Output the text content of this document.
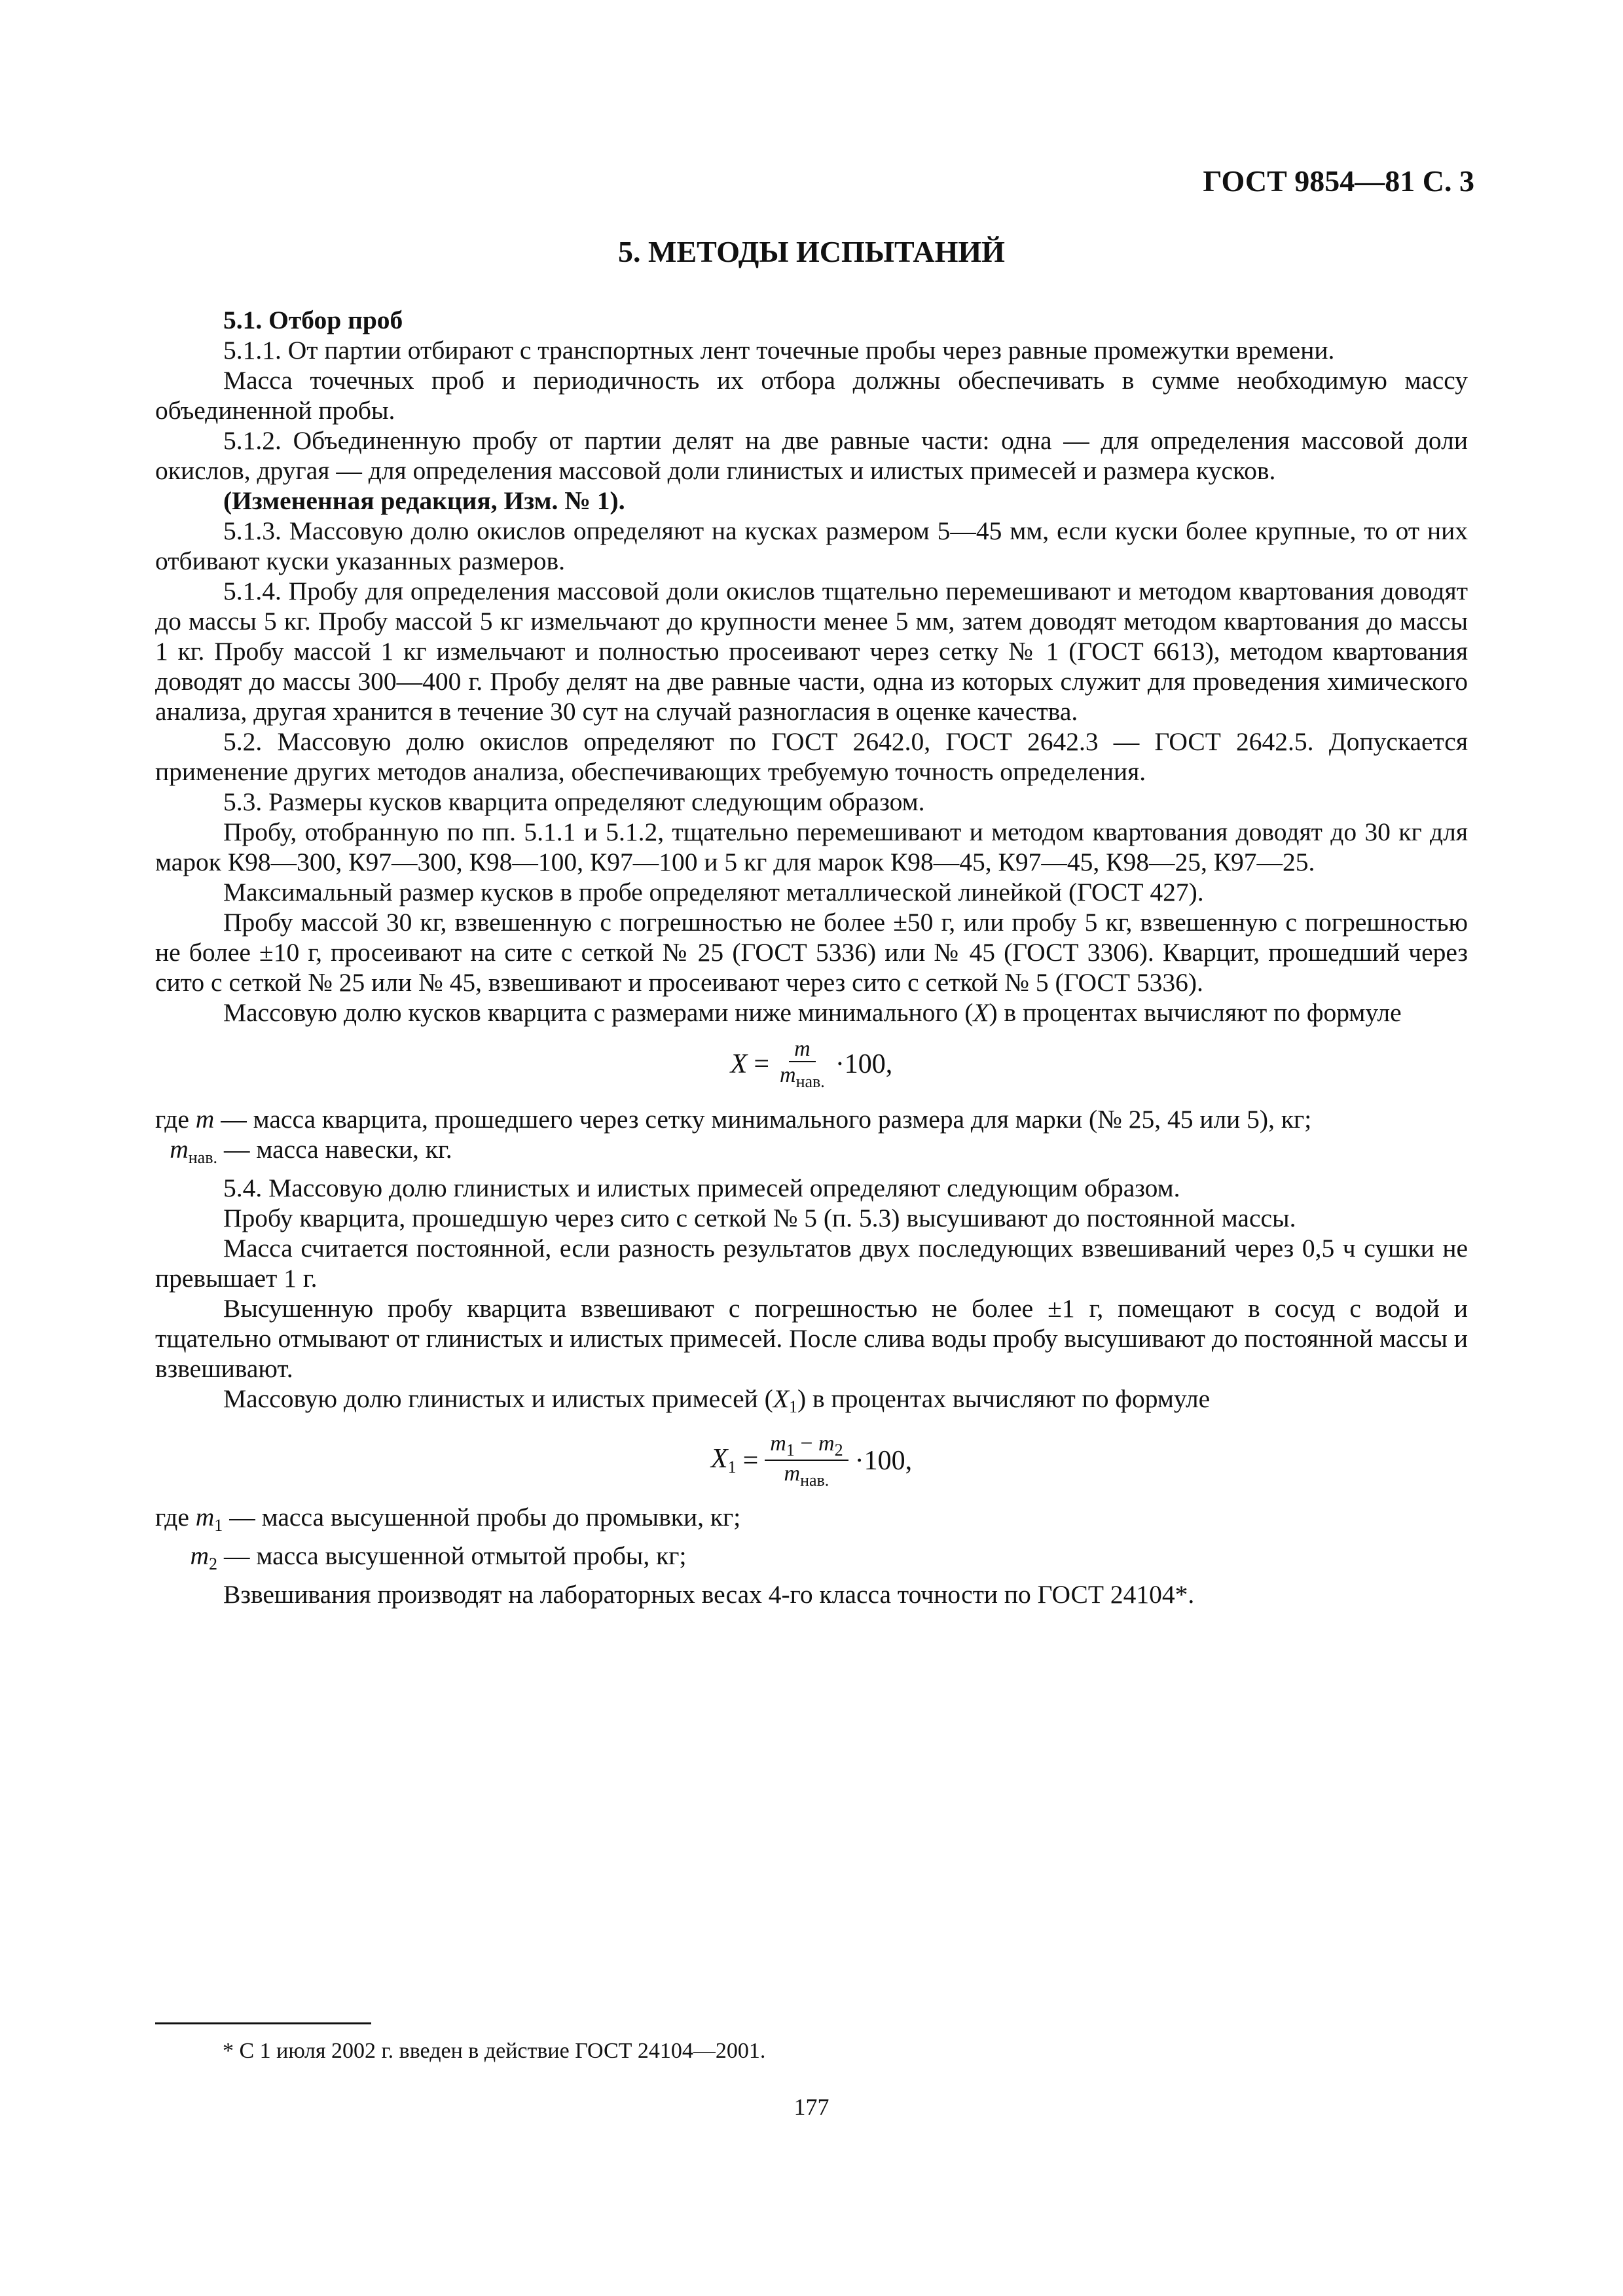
ГОСТ 9854—81 С. 3
5. МЕТОДЫ ИСПЫТАНИЙ

5.1. Отбор проб

5.1.1. От партии отбирают с транспортных лент точечные пробы через равные промежутки времени.

Масса точечных проб и периодичность их отбора должны обеспечивать в сумме необходимую массу объединенной пробы.

5.1.2. Объединенную пробу от партии делят на две равные части: одна — для определения массовой доли окислов, другая — для определения массовой доли глинистых и илистых примесей и размера кусков.

(Измененная редакция, Изм. № 1).

5.1.3. Массовую долю окислов определяют на кусках размером 5—45 мм, если куски более крупные, то от них отбивают куски указанных размеров.

5.1.4. Пробу для определения массовой доли окислов тщательно перемешивают и методом квартования доводят до массы 5 кг. Пробу массой 5 кг измельчают до крупности менее 5 мм, затем доводят методом квартования до массы 1 кг. Пробу массой 1 кг измельчают и полностью просеивают через сетку № 1 (ГОСТ 6613), методом квартования доводят до массы 300—400 г. Пробу делят на две равные части, одна из которых служит для проведения химического анализа, другая хранится в течение 30 сут на случай разногласия в оценке качества.

5.2. Массовую долю окислов определяют по ГОСТ 2642.0, ГОСТ 2642.3 — ГОСТ 2642.5. Допускается применение других методов анализа, обеспечивающих требуемую точность определения.

5.3. Размеры кусков кварцита определяют следующим образом.

Пробу, отобранную по пп. 5.1.1 и 5.1.2, тщательно перемешивают и методом квартования доводят до 30 кг для марок К98—300, К97—300, К98—100, К97—100 и 5 кг для марок К98—45, К97—45, К98—25, К97—25.

Максимальный размер кусков в пробе определяют металлической линейкой (ГОСТ 427).

Пробу массой 30 кг, взвешенную с погрешностью не более ±50 г, или пробу 5 кг, взвешенную с погрешностью не более ±10 г, просеивают на сите с сеткой № 25 (ГОСТ 5336) или № 45 (ГОСТ 3306). Кварцит, прошедший через сито с сеткой № 25 или № 45, взвешивают и просеивают через сито с сеткой № 5 (ГОСТ 5336).

Массовую долю кусков кварцита с размерами ниже минимального (X) в процентах вычисляют по формуле

$X = \frac{m}{m_{нав.}} \cdot 100$,
где m — масса кварцита, прошедшего через сетку минимального размера для марки (№ 25, 45 или 5), кг;
$m_{нав.}$ — масса навески, кг.

5.4. Массовую долю глинистых и илистых примесей определяют следующим образом.

Пробу кварцита, прошедшую через сито с сеткой № 5 (п. 5.3) высушивают до постоянной массы.

Масса считается постоянной, если разность результатов двух последующих взвешиваний через 0,5 ч сушки не превышает 1 г.

Высушенную пробу кварцита взвешивают с погрешностью не более ±1 г, помещают в сосуд с водой и тщательно отмывают от глинистых и илистых примесей. После слива воды пробу высушивают до постоянной массы и взвешивают.

Массовую долю глинистых и илистых примесей $(X_1)$ в процентах вычисляют по формуле

$X_1 = \frac{m_1 - m_2}{m_{нав.}} \cdot 100$,
где $m_1$ — масса высушенной пробы до промывки, кг;
$m_2$ — масса высушенной отмытой пробы, кг;

Взвешивания производят на лабораторных весах 4-го класса точности по ГОСТ 24104*.

* С 1 июля 2002 г. введен в действие ГОСТ 24104—2001.
177
